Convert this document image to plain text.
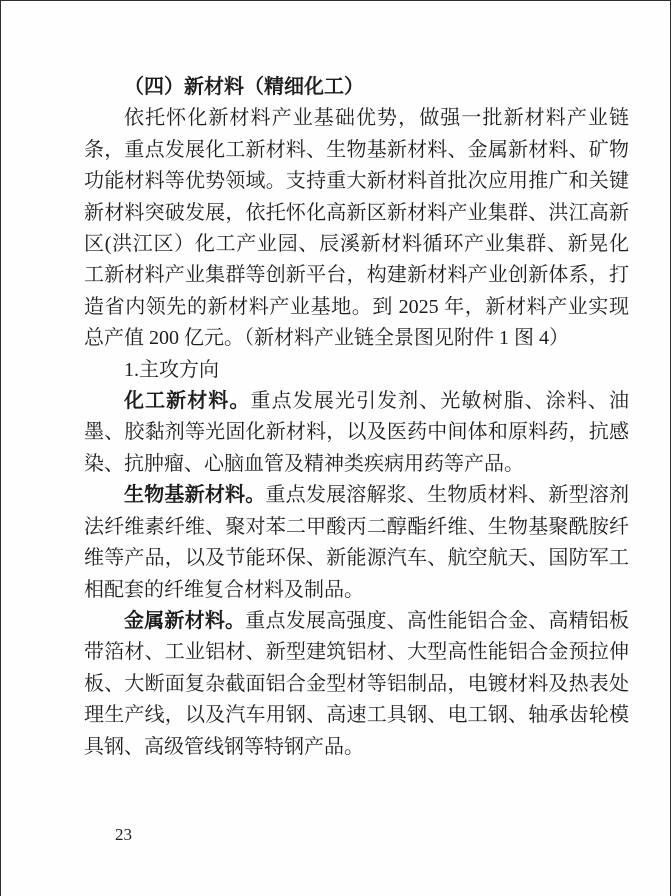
（四）新材料（精细化工）

依托怀化新材料产业基础优势，做强一批新材料产业链条，重点发展化工新材料、生物基新材料、金属新材料、矿物功能材料等优势领域。支持重大新材料首批次应用推广和关键新材料突破发展，依托怀化高新区新材料产业集群、洪江高新区(洪江区）化工产业园、辰溪新材料循环产业集群、新晃化工新材料产业集群等创新平台，构建新材料产业创新体系，打造省内领先的新材料产业基地。到 2025 年，新材料产业实现总产值 200 亿元。（新材料产业链全景图见附件 1 图 4）

1.主攻方向

化工新材料。重点发展光引发剂、光敏树脂、涂料、油墨、胶黏剂等光固化新材料，以及医药中间体和原料药，抗感染、抗肿瘤、心脑血管及精神类疾病用药等产品。

生物基新材料。重点发展溶解浆、生物质材料、新型溶剂法纤维素纤维、聚对苯二甲酸丙二醇酯纤维、生物基聚酰胺纤维等产品，以及节能环保、新能源汽车、航空航天、国防军工相配套的纤维复合材料及制品。

金属新材料。重点发展高强度、高性能铝合金、高精铝板带箔材、工业铝材、新型建筑铝材、大型高性能铝合金预拉伸板、大断面复杂截面铝合金型材等铝制品，电镀材料及热表处理生产线，以及汽车用钢、高速工具钢、电工钢、轴承齿轮模具钢、高级管线钢等特钢产品。

23
